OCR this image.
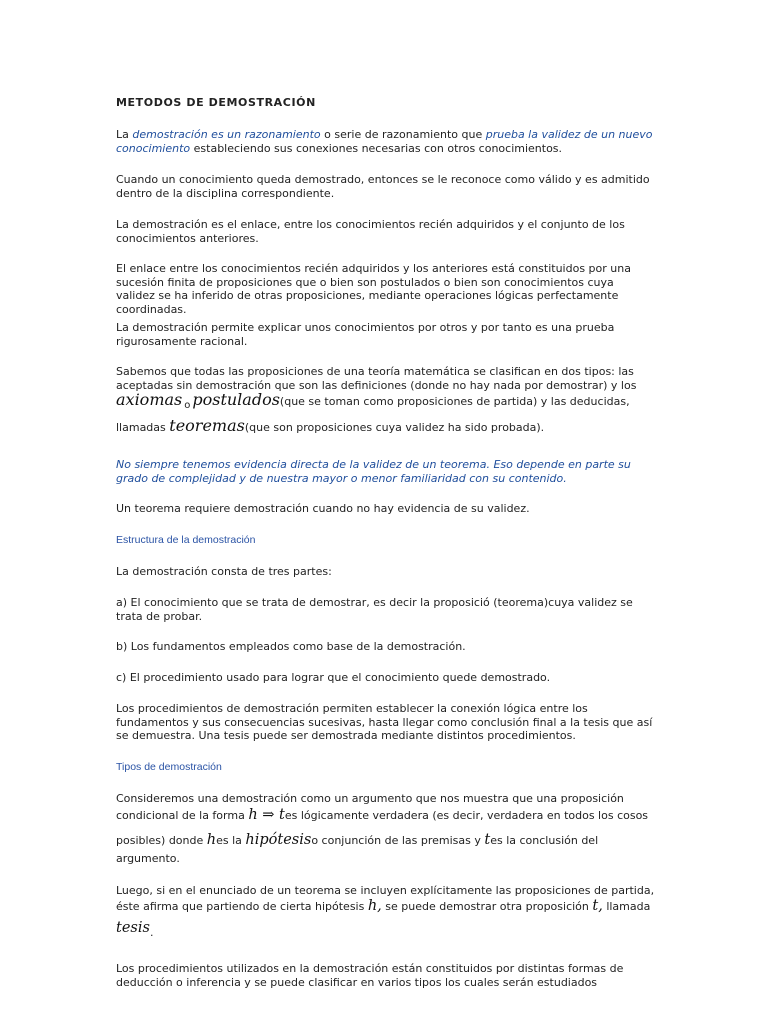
METODOS DE DEMOSTRACIÓN

La demostración es un razonamiento o serie de razonamiento que prueba la validez de un nuevo conocimiento estableciendo sus conexiones necesarias con otros conocimientos.

Cuando un conocimiento queda demostrado, entonces se le reconoce como válido y es admitido dentro de la disciplina correspondiente.

La demostración es el enlace, entre los conocimientos recién adquiridos y el conjunto de los conocimientos anteriores.

El enlace entre los conocimientos recién adquiridos y los anteriores está constituidos por una sucesión finita de proposiciones que o bien son postulados o bien son conocimientos cuya validez se ha inferido de otras proposiciones, mediante operaciones lógicas perfectamente coordinadas.

La demostración permite explicar unos conocimientos por otros y por tanto es una prueba rigurosamente racional.

Sabemos que todas las proposiciones de una teoría matemática se clasifican en dos tipos: las aceptadas sin demostración que son las definiciones (donde no hay nada por demostrar) y los

axiomas o postulados(que se toman como proposiciones de partida) y las deducidas,
llamadas teoremas(que son proposiciones cuya validez ha sido probada).

No siempre tenemos evidencia directa de la validez de un teorema. Eso depende en parte su grado de complejidad y de nuestra mayor o menor familiaridad con su contenido.

Un teorema requiere demostración cuando no hay evidencia de su validez.

Estructura de la demostración

La demostración consta de tres partes:

a) El conocimiento que se trata de demostrar, es decir la proposició (teorema)cuya validez se trata de probar.

b) Los fundamentos empleados como base de la demostración.

c) El procedimiento usado para lograr que el conocimiento quede demostrado.

Los procedimientos de demostración permiten establecer la conexión lógica entre los fundamentos y sus consecuencias sucesivas, hasta llegar como conclusión final a la tesis que así se demuestra. Una tesis puede ser demostrada mediante distintos procedimientos.

Tipos de demostración

Consideremos una demostración como un argumento que nos muestra que una proposición

condicional de la forma h ⇒ tes lógicamente verdadera (es decir, verdadera en todos los cosos
posibles) donde hes la hipótesiso conjunción de las premisas y tes la conclusión del

argumento.

Luego, si en el enunciado de un teorema se incluyen explícitamente las proposiciones de partida,

éste afirma que partiendo de cierta hipótesis h, se puede demostrar otra proposición t, llamada
tesis.

Los procedimientos utilizados en la demostración están constituidos por distintas formas de deducción o inferencia y se puede clasificar en varios tipos los cuales serán estudiados
